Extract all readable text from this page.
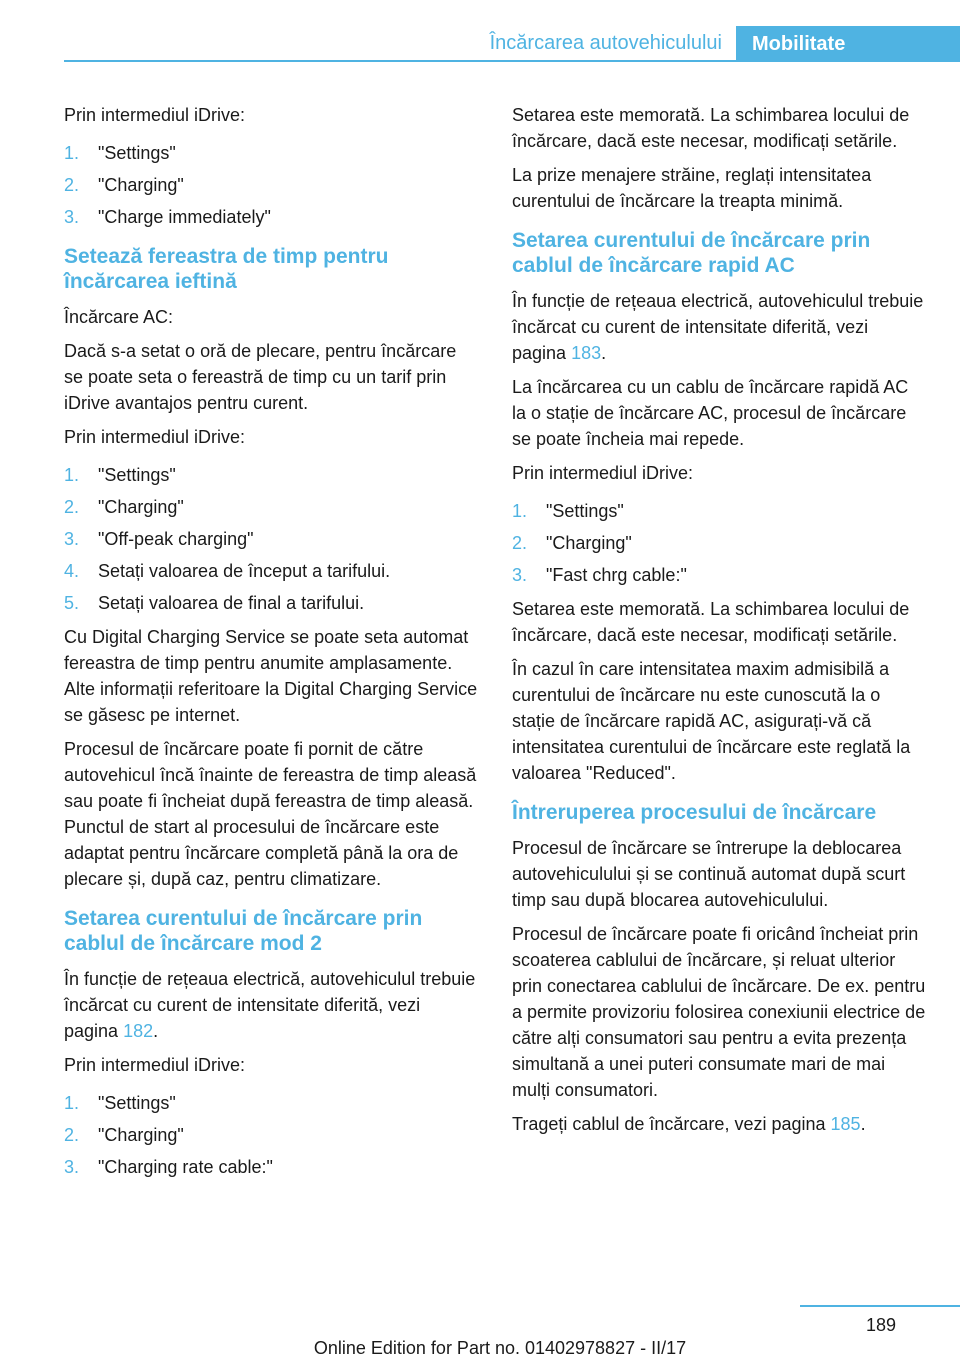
Încărcarea autovehiculului	Mobilitate

Prin intermediul iDrive:

1.	"Settings"
2.	"Charging"
3.	"Charge immediately"
Setează fereastra de timp pentru încărcarea ieftină

Încărcare AC:

Dacă s-a setat o oră de plecare, pentru încărcare se poate seta o fereastră de timp cu un tarif prin iDrive avantajos pentru curent.

Prin intermediul iDrive:

1.	"Settings"
2.	"Charging"
3.	"Off-peak charging"
4.	Setați valoarea de început a tarifului.
5.	Setați valoarea de final a tarifului.

Cu Digital Charging Service se poate seta automat fereastra de timp pentru anumite amplasamente. Alte informații referitoare la Digital Charging Service se găsesc pe internet.

Procesul de încărcare poate fi pornit de către autovehicul încă înainte de fereastra de timp aleasă sau poate fi încheiat după fereastra de timp aleasă. Punctul de start al procesului de încărcare este adaptat pentru încărcare completă până la ora de plecare și, după caz, pentru climatizare.

Setarea curentului de încărcare prin cablul de încărcare mod 2

În funcție de rețeaua electrică, autovehiculul trebuie încărcat cu curent de intensitate diferită, vezi pagina 182.

Prin intermediul iDrive:

1.	"Settings"
2.	"Charging"
3.	"Charging rate cable:"

Setarea este memorată. La schimbarea locului de încărcare, dacă este necesar, modificați setările.

La prize menajere străine, reglați intensitatea curentului de încărcare la treapta minimă.

Setarea curentului de încărcare prin cablul de încărcare rapid AC

În funcție de rețeaua electrică, autovehiculul trebuie încărcat cu curent de intensitate diferită, vezi pagina 183.

La încărcarea cu un cablu de încărcare rapidă AC la o stație de încărcare AC, procesul de încărcare se poate încheia mai repede.

Prin intermediul iDrive:

1.	"Settings"
2.	"Charging"
3.	"Fast chrg cable:"

Setarea este memorată. La schimbarea locului de încărcare, dacă este necesar, modificați setările.

În cazul în care intensitatea maxim admisibilă a curentului de încărcare nu este cunoscută la o stație de încărcare rapidă AC, asigurați-vă că intensitatea curentului de încărcare este reglată la valoarea "Reduced".

Întreruperea procesului de încărcare

Procesul de încărcare se întrerupe la deblocarea autovehiculului și se continuă automat după scurt timp sau după blocarea autovehiculului.

Procesul de încărcare poate fi oricând încheiat prin scoaterea cablului de încărcare, și reluat ulterior prin conectarea cablului de încărcare. De ex. pentru a permite provizoriu folosirea conexiunii electrice de către alți consumatori sau pentru a evita prezența simultană a unei puteri consumate mari de mai mulți consumatori.

Trageți cablul de încărcare, vezi pagina 185.

189
Online Edition for Part no. 01402978827 - II/17
